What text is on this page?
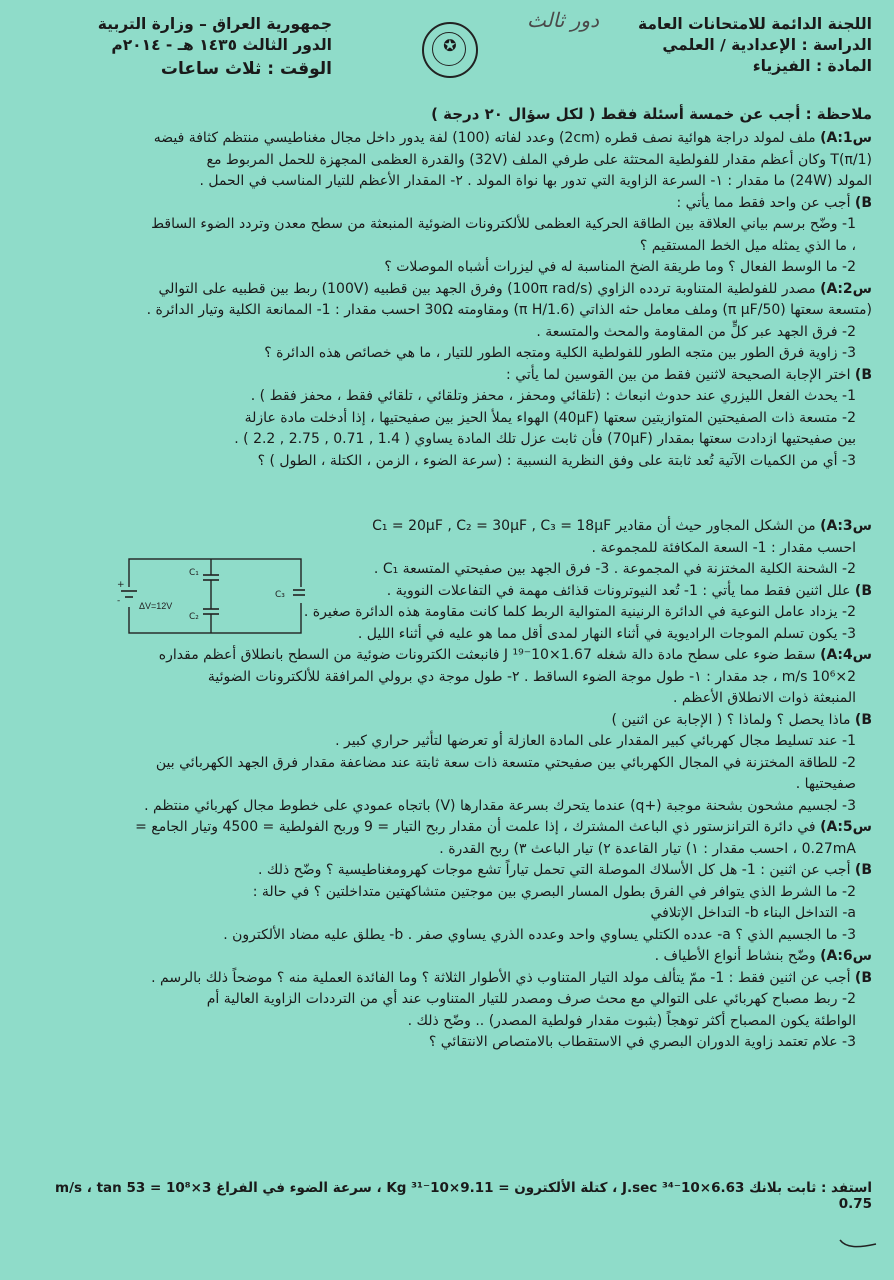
اللجنة الدائمة للامتحانات العامة
الدراسة : الإعدادية / العلمي
المادة : الفيزياء
✪
دور ثالث
جمهورية العراق – وزارة التربية
الدور الثالث ١٤٣٥ هـ - ٢٠١٤م
الوقت : ثلاث ساعات
ملاحظة : أجب عن خمسة أسئلة فقط ( لكل سؤال ٢٠ درجة )
س1:A) ملف لمولد دراجة هوائية نصف قطره (2cm) وعدد لفاته (100) لفة يدور داخل مجال مغناطيسي منتظم كثافة فيضه
(1/π)T وكان أعظم مقدار للفولطية المحتثة على طرفي الملف (32V) والقدرة العظمى المجهزة للحمل المربوط مع
المولد (24W) ما مقدار : ١- السرعة الزاوية التي تدور بها نواة المولد . ٢- المقدار الأعظم للتيار المناسب في الحمل .
B) أجب عن واحد فقط مما يأتي :
1- وضّح برسم بياني العلاقة بين الطاقة الحركية العظمى للألكترونات الضوئية المنبعثة من سطح معدن وتردد الضوء الساقط
، ما الذي يمثله ميل الخط المستقيم ؟
2- ما الوسط الفعال ؟ وما طريقة الضخ المناسبة له في ليزرات أشباه الموصلات ؟
س2:A) مصدر للفولطية المتناوبة تردده الزاوي (100π rad/s) وفرق الجهد بين قطبيه (100V) ربط بين قطبيه على التوالي
(متسعة سعتها (50/π μF) وملف معامل حثه الذاتي (1.6/π H) ومقاومته 30Ω احسب مقدار : 1- الممانعة الكلية وتيار الدائرة .
2- فرق الجهد عبر كلٍّ من المقاومة والمحث والمتسعة .
3- زاوية فرق الطور بين متجه الطور للفولطية الكلية ومتجه الطور للتيار ، ما هي خصائص هذه الدائرة ؟
B) اختر الإجابة الصحيحة لاثنين فقط من بين القوسين لما يأتي :
1- يحدث الفعل الليزري عند حدوث انبعاث : (تلقائي ومحفز ، محفز وتلقائي ، تلقائي فقط ، محفز فقط ) .
2- متسعة ذات الصفيحتين المتوازيتين سعتها (40μF) الهواء يملأ الحيز بين صفيحتيها ، إذا أدخلت مادة عازلة
بين صفيحتيها ازدادت سعتها بمقدار (70μF) فأن ثابت عزل تلك المادة يساوي ( 1.4 , 0.71 , 2.75 , 2.2 ) .
3- أي من الكميات الآتية تُعد ثابتة على وفق النظرية النسبية : (سرعة الضوء ، الزمن ، الكتلة ، الطول ) ؟
س3:A) من الشكل المجاور حيث أن مقادير C₁ = 20μF , C₂ = 30μF , C₃ = 18μF
احسب مقدار : 1- السعة المكافئة للمجموعة .
2- الشحنة الكلية المختزنة في المجموعة . 3- فرق الجهد بين صفيحتي المتسعة C₁ .
B) علل اثنين فقط مما يأتي : 1- تُعد النيوترونات قذائف مهمة في التفاعلات النووية .
2- يزداد عامل النوعية في الدائرة الرنينية المتوالية الربط كلما كانت مقاومة هذه الدائرة صغيرة .
3- يكون تسلم الموجات الراديوية في أثناء النهار لمدى أقل مما هو عليه في أثناء الليل .
س4:A) سقط ضوء على سطح مادة دالة شغله 1.67×10⁻¹⁹ J فانبعثت الكترونات ضوئية من السطح بانطلاق أعظم مقداره
2×10⁶ m/s ، جد مقدار : ١- طول موجة الضوء الساقط . ٢- طول موجة دي برولي المرافقة للألكترونات الضوئية
المنبعثة ذوات الانطلاق الأعظم .
B) ماذا يحصل ؟ ولماذا ؟ ( الإجابة عن اثنين )
1- عند تسليط مجال كهربائي كبير المقدار على المادة العازلة أو تعرضها لتأثير حراري كبير .
2- للطاقة المختزنة في المجال الكهربائي بين صفيحتي متسعة ذات سعة ثابتة عند مضاعفة مقدار فرق الجهد الكهربائي بين
صفيحتيها .
3- لجسيم مشحون بشحنة موجبة (+q) عندما يتحرك بسرعة مقدارها (V) باتجاه عمودي على خطوط مجال كهربائي منتظم .
س5:A) في دائرة الترانزستور ذي الباعث المشترك ، إذا علمت أن مقدار ربح التيار = 9 وربح الفولطية = 4500 وتيار الجامع =
0.27mA ، احسب مقدار : ١) تيار القاعدة ٢) تيار الباعث ٣) ربح القدرة .
B) أجب عن اثنين : 1- هل كل الأسلاك الموصلة التي تحمل تياراً تشع موجات كهرومغناطيسية ؟ وضّح ذلك .
2- ما الشرط الذي يتوافر في الفرق بطول المسار البصري بين موجتين متشاكهتين متداخلتين ؟ في حالة :
a- التداخل البناء b- التداخل الإتلافي
3- ما الجسيم الذي ؟ a- عدده الكتلي يساوي واحد وعدده الذري يساوي صفر . b- يطلق عليه مضاد الألكترون .
س6:A) وضّح بنشاط أنواع الأطياف .
B) أجب عن اثنين فقط : 1- ممّ يتألف مولد التيار المتناوب ذي الأطوار الثلاثة ؟ وما الفائدة العملية منه ؟ موضحاً ذلك بالرسم .
2- ربط مصباح كهربائي على التوالي مع محث صرف ومصدر للتيار المتناوب عند أي من الترددات الزاوية العالية أم
الواطئة يكون المصباح أكثر توهجاً (بثبوت مقدار فولطية المصدر) .. وضّح ذلك .
3- علام تعتمد زاوية الدوران البصري في الاستقطاب بالامتصاص الانتقائي ؟
+
- ΔV=12V
C₁
C₂
C₃
استفد : ثابت بلانك 6.63×10⁻³⁴ J.sec ، كتلة الألكترون = 9.11×10⁻³¹ Kg ، سرعة الضوء في الفراغ 3×10⁸ m/s ، tan 53 = 0.75
